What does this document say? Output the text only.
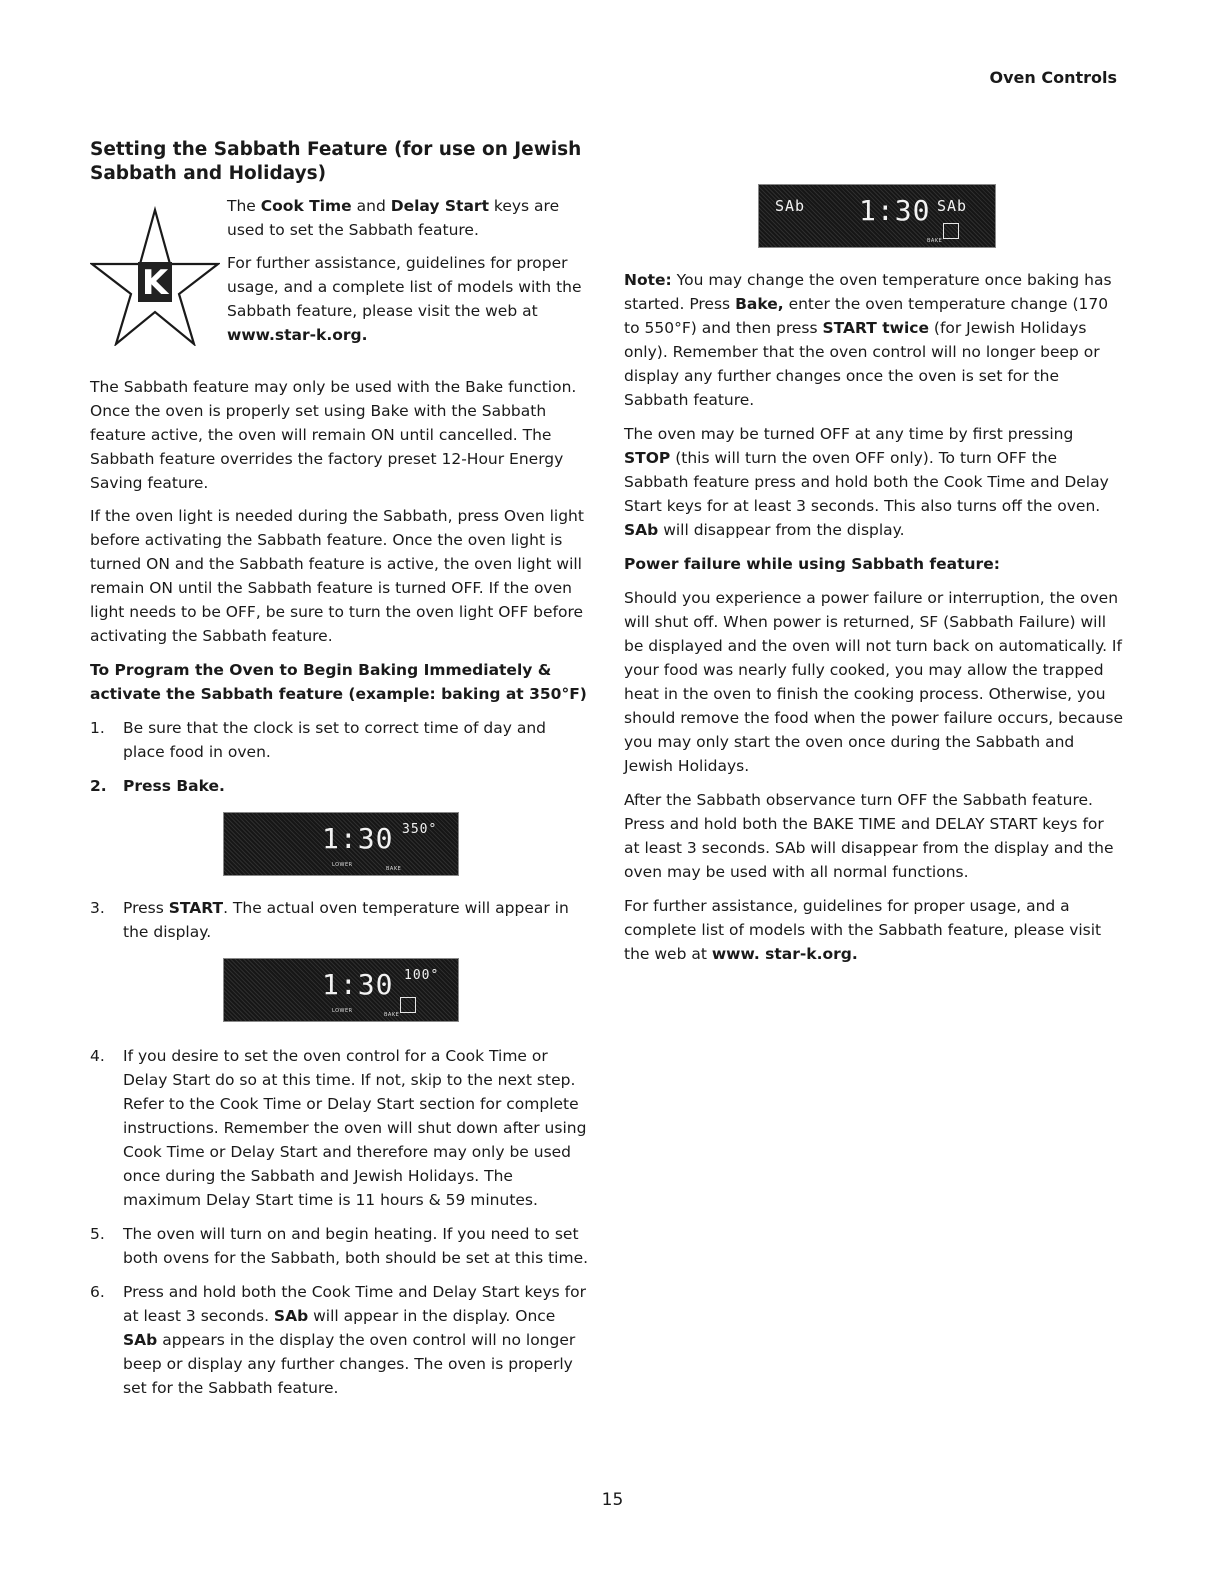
Oven Controls
Setting the Sabbath Feature (for use on Jewish Sabbath and Holidays)
K

The Cook Time and Delay Start keys are used to set the Sabbath feature.

For further assistance, guidelines for proper usage, and a complete list of models with the Sabbath feature, please visit the web at www.star-k.org.

The Sabbath feature may only be used with the Bake function. Once the oven is properly set using Bake with the Sabbath feature active, the oven will remain ON until cancelled. The Sabbath feature overrides the factory preset 12-Hour Energy Saving feature.

If the oven light is needed during the Sabbath, press Oven light before activating the Sabbath feature. Once the oven light is turned ON and the Sabbath feature is active, the oven light will remain ON until the Sabbath feature is turned OFF. If the oven light needs to be OFF, be sure to turn the oven light OFF before activating the Sabbath feature.

To Program the Oven to Begin Baking Immediately & activate the Sabbath feature (example: baking at 350°F)

1.	Be sure that the clock is set to correct time of day and place food in oven.
2.	Press Bake.
1:30 350°
LOWER
BAKE
3.	Press START. The actual oven temperature will appear in the display.
1:30 100°
LOWER
BAKE
4.	If you desire to set the oven control for a Cook Time or Delay Start do so at this time. If not, skip to the next step. Refer to the Cook Time or Delay Start section for complete instructions. Remember the oven will shut down after using Cook Time or Delay Start and therefore may only be used once during the Sabbath and Jewish Holidays. The maximum Delay Start time is 11 hours & 59 minutes.
5.	The oven will turn on and begin heating. If you need to set both ovens for the Sabbath, both should be set at this time.
6.	Press and hold both the Cook Time and Delay Start keys for at least 3 seconds. SAb will appear in the display. Once SAb appears in the display the oven control will no longer beep or display any further changes. The oven is properly set for the Sabbath feature.
SAb 1:30 SAb
BAKE

Note: You may change the oven temperature once baking has started. Press Bake, enter the oven temperature change (170 to 550°F) and then press START twice (for Jewish Holidays only). Remember that the oven control will no longer beep or display any further changes once the oven is set for the Sabbath feature.

The oven may be turned OFF at any time by first pressing STOP (this will turn the oven OFF only). To turn OFF the Sabbath feature press and hold both the Cook Time and Delay Start keys for at least 3 seconds. This also turns off the oven. SAb will disappear from the display.

Power failure while using Sabbath feature:

Should you experience a power failure or interruption, the oven will shut off. When power is returned, SF (Sabbath Failure) will be displayed and the oven will not turn back on automatically. If your food was nearly fully cooked, you may allow the trapped heat in the oven to finish the cooking process. Otherwise, you should remove the food when the power failure occurs, because you may only start the oven once during the Sabbath and Jewish Holidays.

After the Sabbath observance turn OFF the Sabbath feature. Press and hold both the BAKE TIME and DELAY START keys for at least 3 seconds. SAb will disappear from the display and the oven may be used with all normal functions.

For further assistance, guidelines for proper usage, and a complete list of models with the Sabbath feature, please visit the web at www. star-k.org.

15
